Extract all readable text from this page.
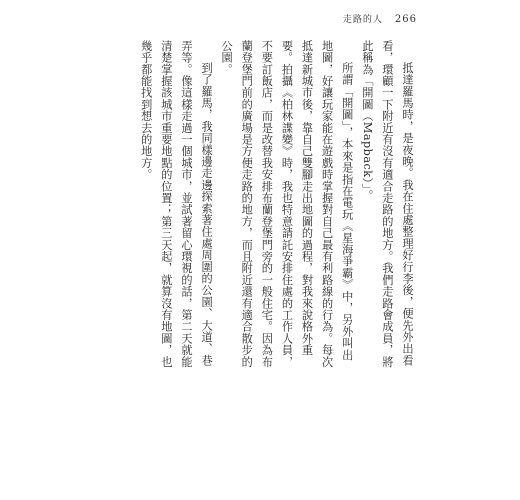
走路的人 266

抵達羅馬時，是夜晚。我在住處整理好行李後，便先外出看看，環顧一下附近有沒有適合走路的地方。我們走路會成員，將此稱為「開圖（Mapback）」。

所謂「開圖」，本來是指在電玩《星海爭霸》中，另外叫出地圖，好讓玩家能在遊戲時掌握對自己最有利路線的行為。每次抵達新城市後，靠自己雙腳走出地圖的過程，對我來說格外重要。拍攝《柏林諜變》時，我也特意請託安排住處的工作人員，不要訂飯店，而是改替我安排布蘭登堡門旁的一般住宅。因為布蘭登堡門前的廣場是方便走路的地方，而且附近還有適合散步的公園。

到了羅馬，我同樣邊走邊探索著住處周圍的公園、大道、巷弄等。像這樣走過一個城市，並試著留心環視的話，第二天就能清楚掌握該城市重要地點的位置；第三天起，就算沒有地圖，也幾乎都能找到想去的地方。
